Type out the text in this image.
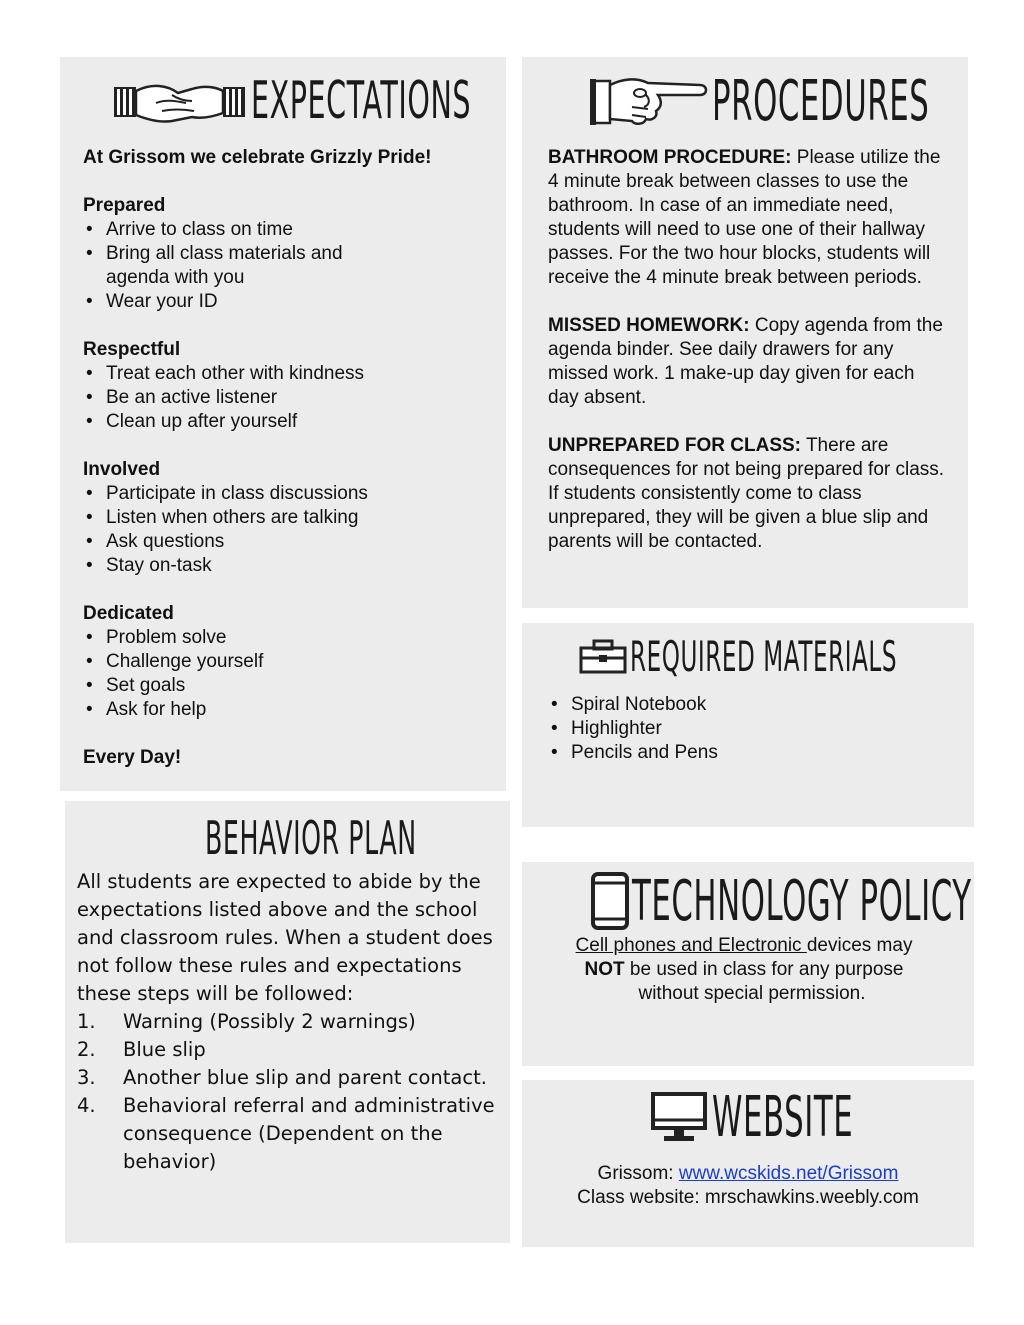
EXPECTATIONS
At Grissom we celebrate Grizzly Pride!
Prepared
• Arrive to class on time
• Bring all class materials and agenda with you
• Wear your ID
Respectful
• Treat each other with kindness
• Be an active listener
• Clean up after yourself
Involved
• Participate in class discussions
• Listen when others are talking
• Ask questions
• Stay on-task
Dedicated
• Problem solve
• Challenge yourself
• Set goals
• Ask for help
Every Day!
PROCEDURES
BATHROOM PROCEDURE: Please utilize the 4 minute break between classes to use the bathroom. In case of an immediate need, students will need to use one of their hallway passes. For the two hour blocks, students will receive the 4 minute break between periods.
MISSED HOMEWORK: Copy agenda from the agenda binder. See daily drawers for any missed work. 1 make-up day given for each day absent.
UNPREPARED FOR CLASS: There are consequences for not being prepared for class. If students consistently come to class unprepared, they will be given a blue slip and parents will be contacted.
REQUIRED MATERIALS
• Spiral Notebook
• Highlighter
• Pencils and Pens
BEHAVIOR PLAN
All students are expected to abide by the expectations listed above and the school and classroom rules. When a student does not follow these rules and expectations these steps will be followed:
1. Warning (Possibly 2 warnings)
2. Blue slip
3. Another blue slip and parent contact.
4. Behavioral referral and administrative consequence (Dependent on the behavior)
TECHNOLOGY POLICY
Cell phones and Electronic devices may
NOT be used in class for any purpose
without special permission.
WEBSITE
Grissom: www.wcskids.net/Grissom
Class website: mrschawkins.weebly.com
